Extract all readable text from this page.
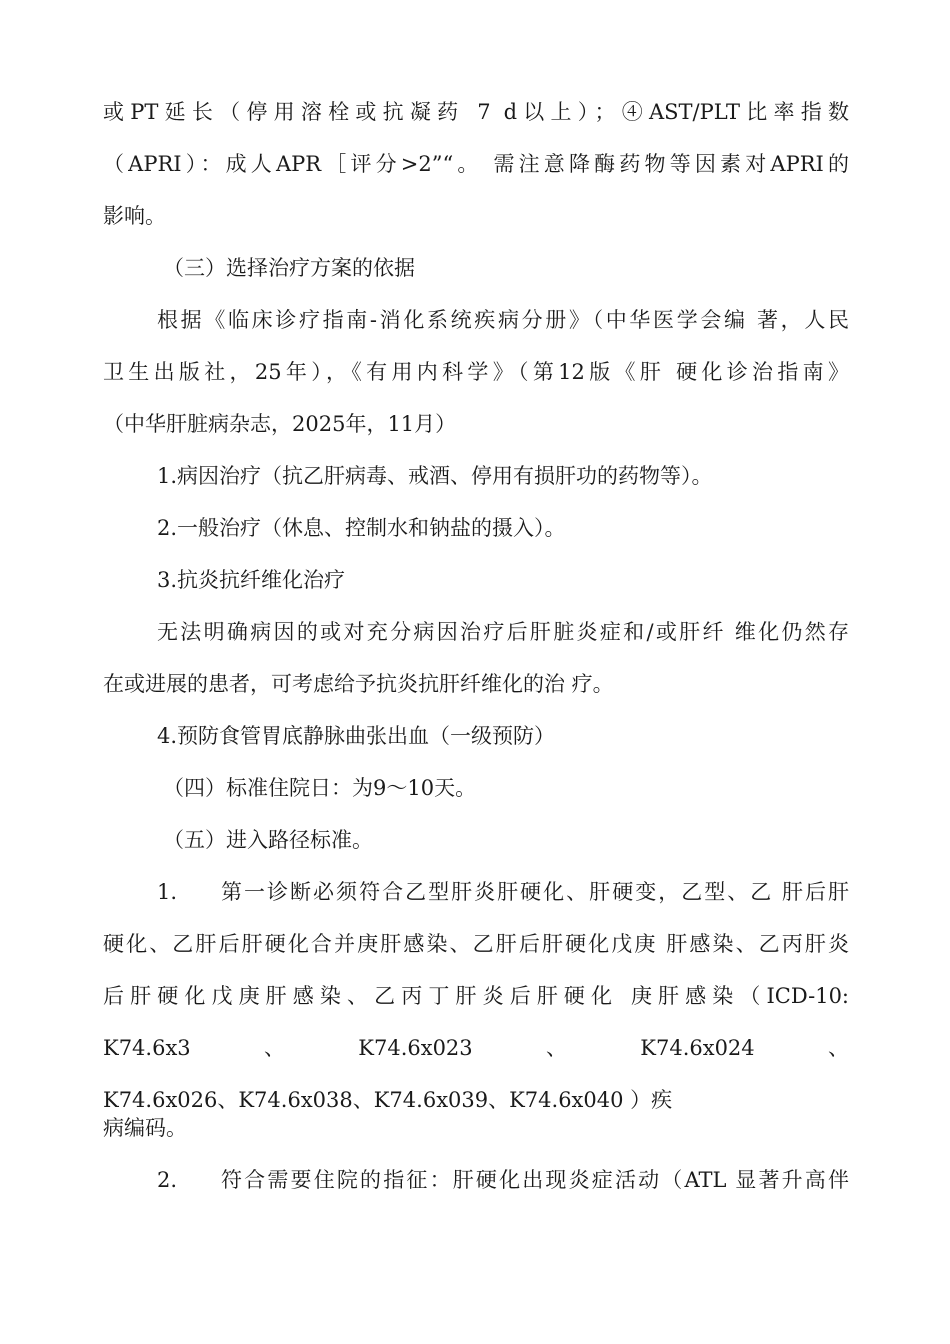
或PT延长（停用溶栓或抗凝药 7 d以上）；④AST/PLT比率指数

（APRI）：成人APR［评分>2”“。 需注意降酶药物等因素对APRI的

影响。

（三）选择治疗方案的依据

根据《临床诊疗指南-消化系统疾病分册》（中华医学会编 著，人民

卫生出版社，25年），《有用内科学》（第12版《肝 硬化诊治指南》

（中华肝脏病杂志，2025年，11月）

1.病因治疗（抗乙肝病毒、戒酒、停用有损肝功的药物等）。

2.一般治疗（休息、控制水和钠盐的摄入）。

3.抗炎抗纤维化治疗

无法明确病因的或对充分病因治疗后肝脏炎症和/或肝纤 维化仍然存

在或进展的患者，可考虑给予抗炎抗肝纤维化的治 疗。

4.预防食管胃底静脉曲张出血（一级预防）

（四）标准住院日：为9〜10天。

（五）进入路径标准。

1.	第一诊断必须符合乙型肝炎肝硬化、肝硬变，乙型、乙 肝后肝

硬化、乙肝后肝硬化合并庚肝感染、乙肝后肝硬化戊庚 肝感染、乙丙肝炎

后肝硬化戊庚肝感染、乙丙丁肝炎后肝硬化 庚肝感染（ICD-10:

K74.6x3	、	K74.6x023	、	K74.6x024	、

K74.6x026、K74.6x038、K74.6x039、K74.6x040 ）疾

病编码。

2.	符合需要住院的指征：肝硬化出现炎症活动（ATL 显著升高伴
